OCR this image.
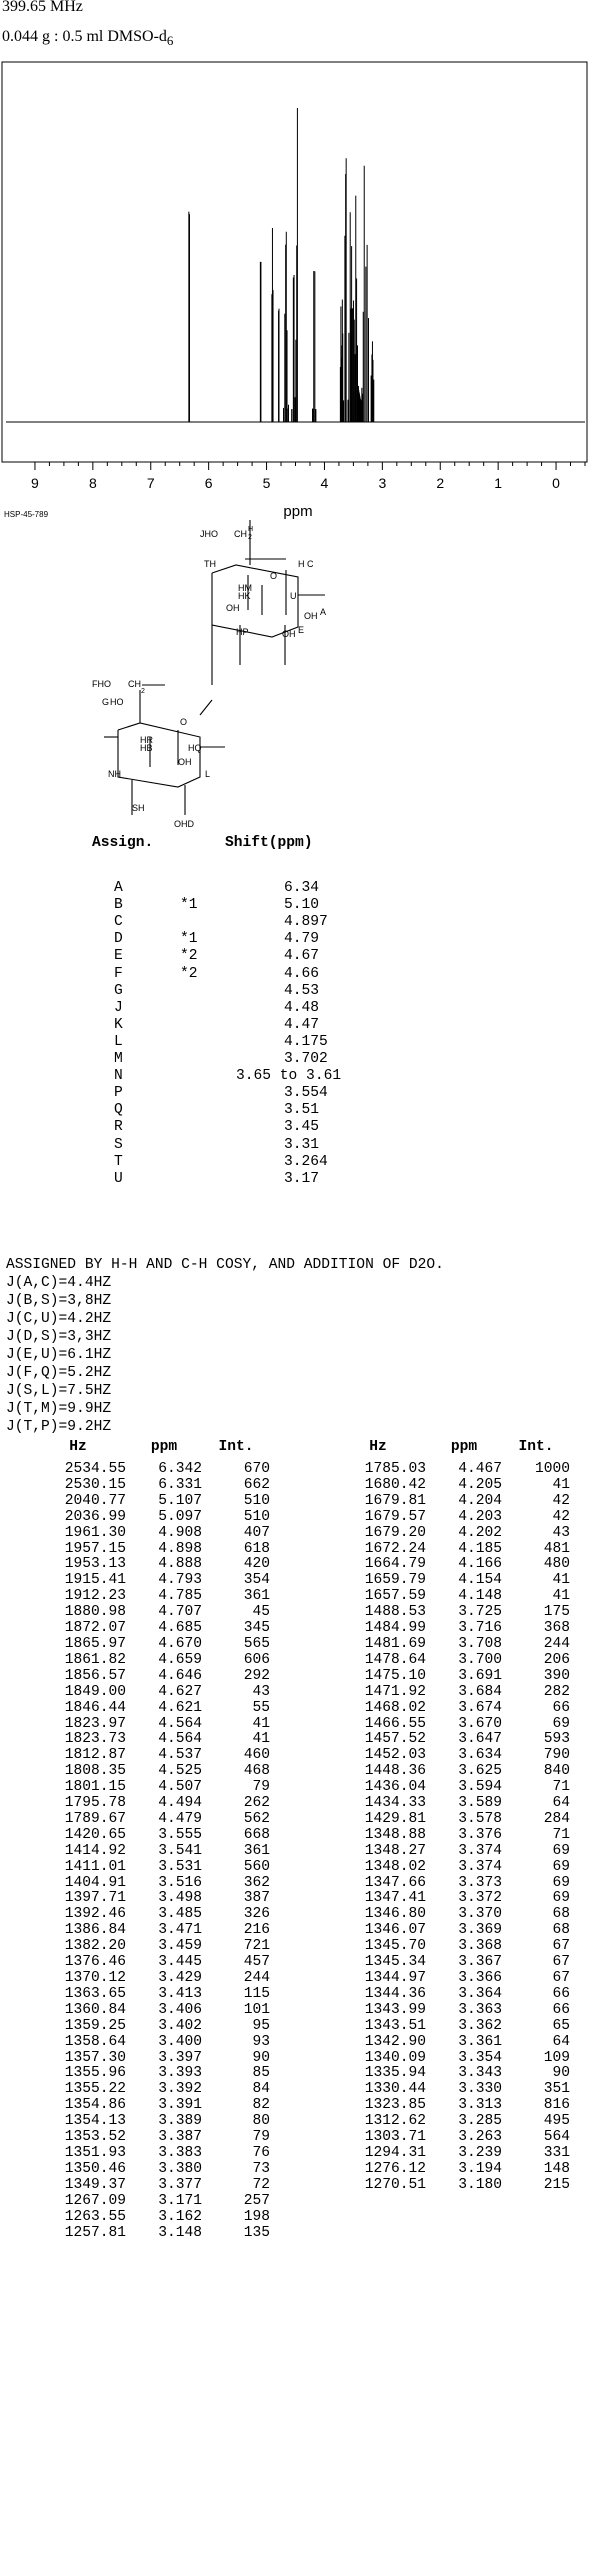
399.65 MHz
0.044 g : 0.5 ml DMSO-$d_6$
9	8	7	6	5	4	3	2	1	0
ppm
HSP-45-789
JHO CH H
2
TH	H C
O
HM
HK
OH
U
HP
OH A
OH E
FHO CH
2
G HO
O
HR
HB	HQ
NH
OH
L
SH
OHD
Assign.	Shift(ppm)
A	6.34
B	*1	5.10
C	4.897
D	*1	4.79
E	*2	4.67
F	*2	4.66
G	4.53
J	4.48
K	4.47
L	4.175
M	3.702
N	3.65 to 3.61
P	3.554
Q	3.51
R	3.45
S	3.31
T	3.264
U	3.17
ASSIGNED BY H-H AND C-H COSY, AND ADDITION OF D2O.
J(A,C)=4.4HZ
J(B,S)=3,8HZ
J(C,U)=4.2HZ
J(D,S)=3,3HZ
J(E,U)=6.1HZ
J(F,Q)=5.2HZ
J(S,L)=7.5HZ
J(T,M)=9.9HZ
J(T,P)=9.2HZ
Hz	ppm	Int.
2534.55	6.342	670
2530.15	6.331	662
2040.77	5.107	510
2036.99	5.097	510
1961.30	4.908	407
1957.15	4.898	618
1953.13	4.888	420
1915.41	4.793	354
1912.23	4.785	361
1880.98	4.707	45
1872.07	4.685	345
1865.97	4.670	565
1861.82	4.659	606
1856.57	4.646	292
1849.00	4.627	43
1846.44	4.621	55
1823.97	4.564	41
1823.73	4.564	41
1812.87	4.537	460
1808.35	4.525	468
1801.15	4.507	79
1795.78	4.494	262
1789.67	4.479	562
1420.65	3.555	668
1414.92	3.541	361
1411.01	3.531	560
1404.91	3.516	362
1397.71	3.498	387
1392.46	3.485	326
1386.84	3.471	216
1382.20	3.459	721
1376.46	3.445	457
1370.12	3.429	244
1363.65	3.413	115
1360.84	3.406	101
1359.25	3.402	95
1358.64	3.400	93
1357.30	3.397	90
1355.96	3.393	85
1355.22	3.392	84
1354.86	3.391	82
1354.13	3.389	80
1353.52	3.387	79
1351.93	3.383	76
1350.46	3.380	73
1349.37	3.377	72
1267.09	3.171	257
1263.55	3.162	198
1257.81	3.148	135
Hz	ppm	Int.
1785.03	4.467	1000
1680.42	4.205	41
1679.81	4.204	42
1679.57	4.203	42
1679.20	4.202	43
1672.24	4.185	481
1664.79	4.166	480
1659.79	4.154	41
1657.59	4.148	41
1488.53	3.725	175
1484.99	3.716	368
1481.69	3.708	244
1478.64	3.700	206
1475.10	3.691	390
1471.92	3.684	282
1468.02	3.674	66
1466.55	3.670	69
1457.52	3.647	593
1452.03	3.634	790
1448.36	3.625	840
1436.04	3.594	71
1434.33	3.589	64
1429.81	3.578	284
1348.88	3.376	71
1348.27	3.374	69
1348.02	3.374	69
1347.66	3.373	69
1347.41	3.372	69
1346.80	3.370	68
1346.07	3.369	68
1345.70	3.368	67
1345.34	3.367	67
1344.97	3.366	67
1344.36	3.364	66
1343.99	3.363	66
1343.51	3.362	65
1342.90	3.361	64
1340.09	3.354	109
1335.94	3.343	90
1330.44	3.330	351
1323.85	3.313	816
1312.62	3.285	495
1303.71	3.263	564
1294.31	3.239	331
1276.12	3.194	148
1270.51	3.180	215
